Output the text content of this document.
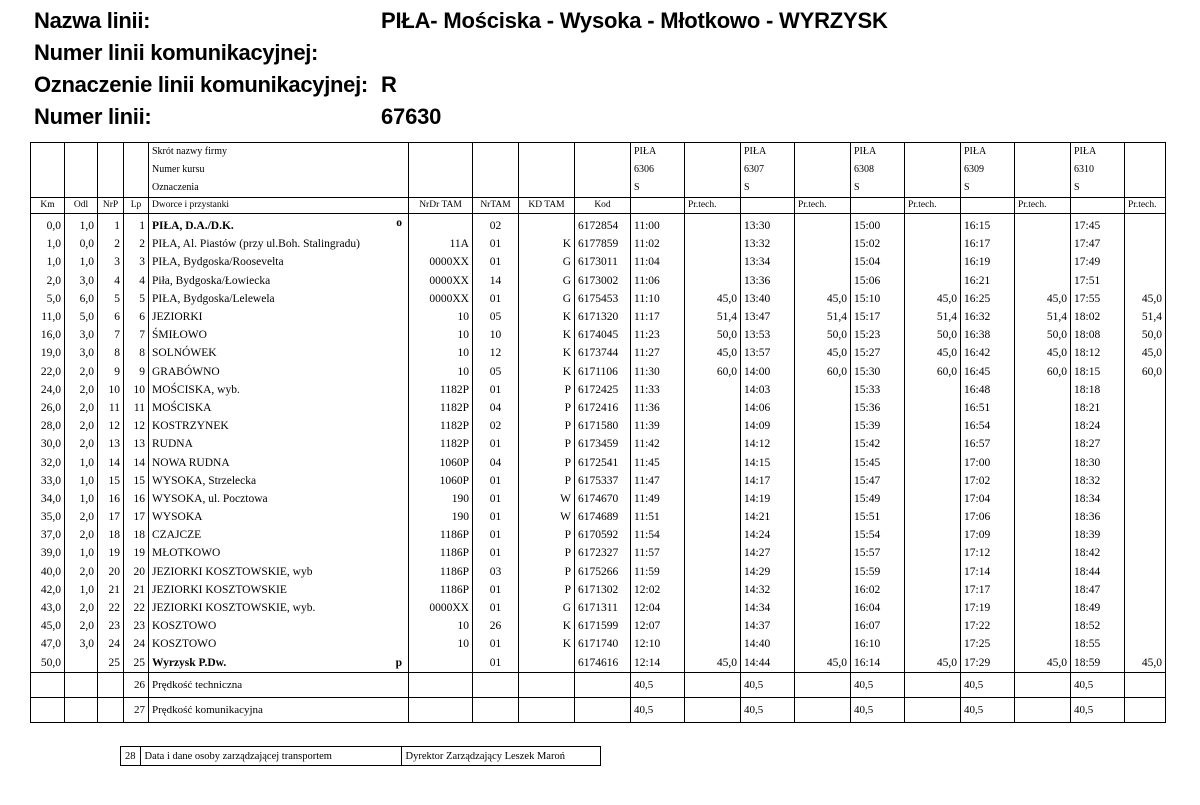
Nazwa linii:	PIŁA- Mościska - Wysoka - Młotkowo - WYRZYSK
Numer linii komunikacyjnej:
Oznaczenie linii komunikacyjnej: R
Numer linii:	67630
				Skrót nazwy firmy					PIŁA		PIŁA		PIŁA		PIŁA		PIŁA	
				Numer kursu					6306		6307		6308		6309		6310	
				Oznaczenia					S		S		S		S		S	
Km	Odl	NrP	Lp	Dworce i przystanki	NrDr TAM	NrTAM	KD TAM	Kod		Pr.tech.		Pr.tech.		Pr.tech.		Pr.tech.		Pr.tech.
0,0	1,0	1	1	PIŁA, D.A./D.K. o		02		6172854	11:00		13:30		15:00		16:15		17:45	
1,0	0,0	2	2	PIŁA, Al. Piastów (przy ul.Boh. Stalingradu)	11A	01	K	6177859	11:02		13:32		15:02		16:17		17:47	
1,0	1,0	3	3	PIŁA, Bydgoska/Roosevelta	0000XX	01	G	6173011	11:04		13:34		15:04		16:19		17:49	
2,0	3,0	4	4	Piła, Bydgoska/Łowiecka	0000XX	14	G	6173002	11:06		13:36		15:06		16:21		17:51	
5,0	6,0	5	5	PIŁA, Bydgoska/Lelewela	0000XX	01	G	6175453	11:10	45,0	13:40	45,0	15:10	45,0	16:25	45,0	17:55	45,0
11,0	5,0	6	6	JEZIORKI	10	05	K	6171320	11:17	51,4	13:47	51,4	15:17	51,4	16:32	51,4	18:02	51,4
16,0	3,0	7	7	ŚMIŁOWO	10	10	K	6174045	11:23	50,0	13:53	50,0	15:23	50,0	16:38	50,0	18:08	50,0
19,0	3,0	8	8	SOLNÓWEK	10	12	K	6173744	11:27	45,0	13:57	45,0	15:27	45,0	16:42	45,0	18:12	45,0
22,0	2,0	9	9	GRABÓWNO	10	05	K	6171106	11:30	60,0	14:00	60,0	15:30	60,0	16:45	60,0	18:15	60,0
24,0	2,0	10	10	MOŚCISKA, wyb.	1182P	01	P	6172425	11:33		14:03		15:33		16:48		18:18	
26,0	2,0	11	11	MOŚCISKA	1182P	04	P	6172416	11:36		14:06		15:36		16:51		18:21	
28,0	2,0	12	12	KOSTRZYNEK	1182P	02	P	6171580	11:39		14:09		15:39		16:54		18:24	
30,0	2,0	13	13	RUDNA	1182P	01	P	6173459	11:42		14:12		15:42		16:57		18:27	
32,0	1,0	14	14	NOWA RUDNA	1060P	04	P	6172541	11:45		14:15		15:45		17:00		18:30	
33,0	1,0	15	15	WYSOKA, Strzelecka	1060P	01	P	6175337	11:47		14:17		15:47		17:02		18:32	
34,0	1,0	16	16	WYSOKA, ul. Pocztowa	190	01	W	6174670	11:49		14:19		15:49		17:04		18:34	
35,0	2,0	17	17	WYSOKA	190	01	W	6174689	11:51		14:21		15:51		17:06		18:36	
37,0	2,0	18	18	CZAJCZE	1186P	01	P	6170592	11:54		14:24		15:54		17:09		18:39	
39,0	1,0	19	19	MŁOTKOWO	1186P	01	P	6172327	11:57		14:27		15:57		17:12		18:42	
40,0	2,0	20	20	JEZIORKI KOSZTOWSKIE, wyb	1186P	03	P	6175266	11:59		14:29		15:59		17:14		18:44	
42,0	1,0	21	21	JEZIORKI KOSZTOWSKIE	1186P	01	P	6171302	12:02		14:32		16:02		17:17		18:47	
43,0	2,0	22	22	JEZIORKI KOSZTOWSKIE, wyb.	0000XX	01	G	6171311	12:04		14:34		16:04		17:19		18:49	
45,0	2,0	23	23	KOSZTOWO	10	26	K	6171599	12:07		14:37		16:07		17:22		18:52	
47,0	3,0	24	24	KOSZTOWO	10	01	K	6171740	12:10		14:40		16:10		17:25		18:55	
50,0		25	25	Wyrzysk P.Dw. p		01		6174616	12:14	45,0	14:44	45,0	16:14	45,0	17:29	45,0	18:59	45,0
			26	Prędkość techniczna					40,5		40,5		40,5		40,5		40,5	
			27	Prędkość komunikacyjna					40,5		40,5		40,5		40,5		40,5	
28	Data i dane osoby zarządzającej transportem	Dyrektor Zarządzający Leszek Maroń
